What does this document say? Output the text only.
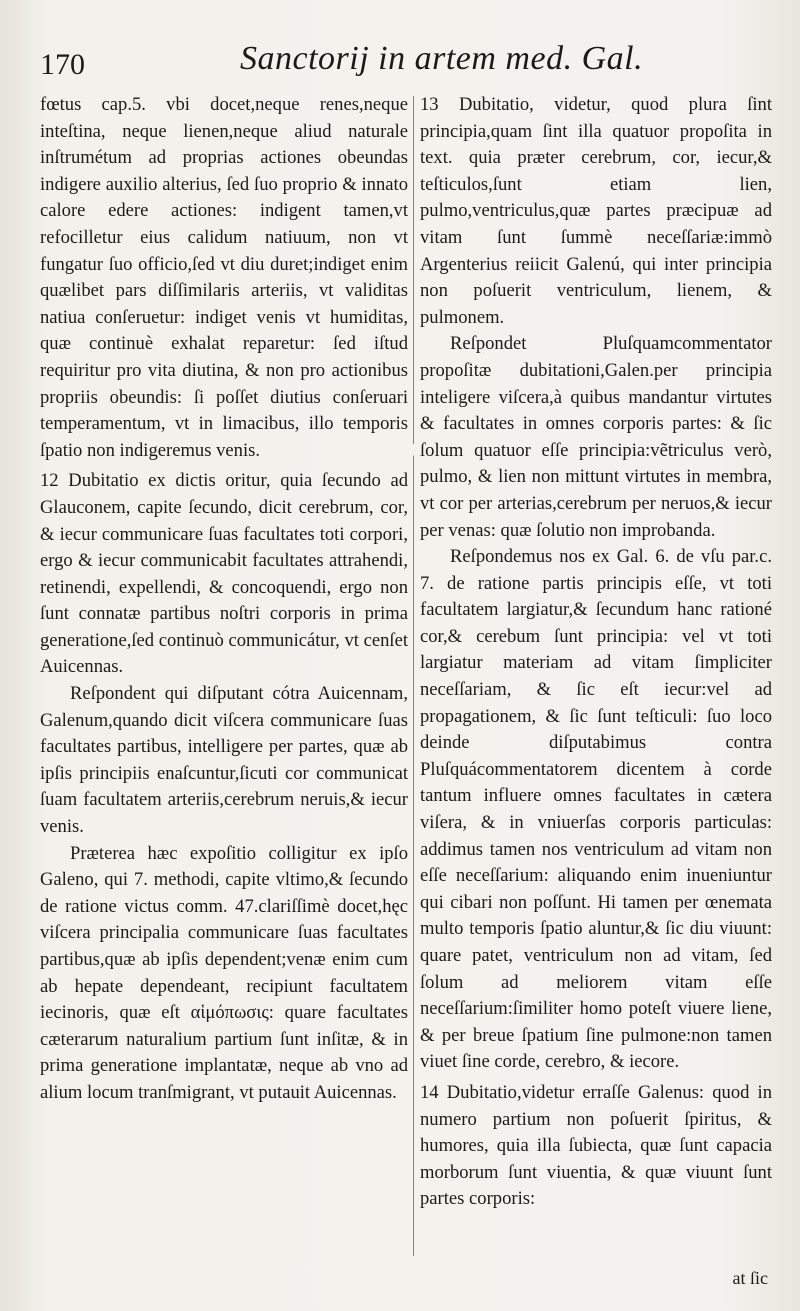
170	Sanctorij in artem med. Gal.

fœtus cap.5. vbi docet,neque renes,neque inteſtina, neque lienen,neque aliud naturale inſtrumétum ad proprias actiones obeundas indigere auxilio alterius, ſed ſuo proprio & innato calore edere actiones: indigent tamen,vt refocilletur eius calidum natiuum, non vt fungatur ſuo officio,ſed vt diu duret;indiget enim quælibet pars diſſimilaris arteriis, vt validitas natiua conſeruetur: indiget venis vt humiditas, quæ continuè exhalat reparetur: ſed iſtud requiritur pro vita diutina, & non pro actionibus propriis obeundis: ſi poſſet diutius conſeruari temperamentum, vt in limacibus, illo temporis ſpatio non indigeremus venis.

12 Dubitatio ex dictis oritur, quia ſecundo ad Glauconem, capite ſecundo, dicit cerebrum, cor, & iecur communicare ſuas facultates toti corpori, ergo & iecur communicabit facultates attrahendi, retinendi, expellendi, & concoquendi, ergo non ſunt connatæ partibus noſtri corporis in prima generatione,ſed continuò communicátur, vt cenſet Auicennas.

Reſpondent qui diſputant cótra Auicennam, Galenum,quando dicit viſcera communicare ſuas facultates partibus, intelligere per partes, quæ ab ipſis principiis enaſcuntur,ſicuti cor communicat ſuam facultatem arteriis,cerebrum neruis,& iecur venis.

Præterea hæc expoſitio colligitur ex ipſo Galeno, qui 7. methodi, capite vltimo,& ſecundo de ratione victus comm. 47.clariſſimè docet,hęc viſcera principalia communicare ſuas facultates partibus,quæ ab ipſis dependent;venæ enim cum ab hepate dependeant, recipiunt facultatem iecinoris, quæ eſt αἱμόπωσις: quare facultates cæterarum naturalium partium ſunt inſitæ, & in prima generatione implantatæ, neque ab vno ad alium locum tranſmigrant, vt putauit Auicennas.

13 Dubitatio, videtur, quod plura ſint principia,quam ſint illa quatuor propoſita in text. quia præter cerebrum, cor, iecur,& teſticulos,ſunt etiam lien, pulmo,ventriculus,quæ partes præcipuæ ad vitam ſunt ſummè neceſſariæ:immò Argenterius reiicit Galenú, qui inter principia non poſuerit ventriculum, lienem, & pulmonem.

Reſpondet Pluſquamcommentator propoſitæ dubitationi,Galen.per principia inteligere viſcera,à quibus mandantur virtutes & facultates in omnes corporis partes: & ſic ſolum quatuor eſſe principia:vẽtriculus verò, pulmo, & lien non mittunt virtutes in membra, vt cor per arterias,cerebrum per neruos,& iecur per venas: quæ ſolutio non improbanda.

Reſpondemus nos ex Gal. 6. de vſu par.c. 7. de ratione partis principis eſſe, vt toti facultatem largiatur,& ſecundum hanc rationé cor,& cerebum ſunt principia: vel vt toti largiatur materiam ad vitam ſimpliciter neceſſariam, & ſic eſt iecur:vel ad propagationem, & ſic ſunt teſticuli: ſuo loco deinde diſputabimus contra Pluſquácommentatorem dicentem à corde tantum influere omnes facultates in cætera viſera, & in vniuerſas corporis particulas: addimus tamen nos ventriculum ad vitam non eſſe neceſſarium: aliquando enim inueniuntur qui cibari non poſſunt. Hi tamen per œnemata multo temporis ſpatio aluntur,& ſic diu viuunt: quare patet, ventriculum non ad vitam, ſed ſolum ad meliorem vitam eſſe neceſſarium:ſimiliter homo poteſt viuere liene, & per breue ſpatium ſine pulmone:non tamen viuet ſine corde, cerebro, & iecore.

14 Dubitatio,videtur erraſſe Galenus: quod in numero partium non poſuerit ſpiritus, & humores, quia illa ſubiecta, quæ ſunt capacia morborum ſunt viuentia, & quæ viuunt ſunt partes corporis:

at ſic
